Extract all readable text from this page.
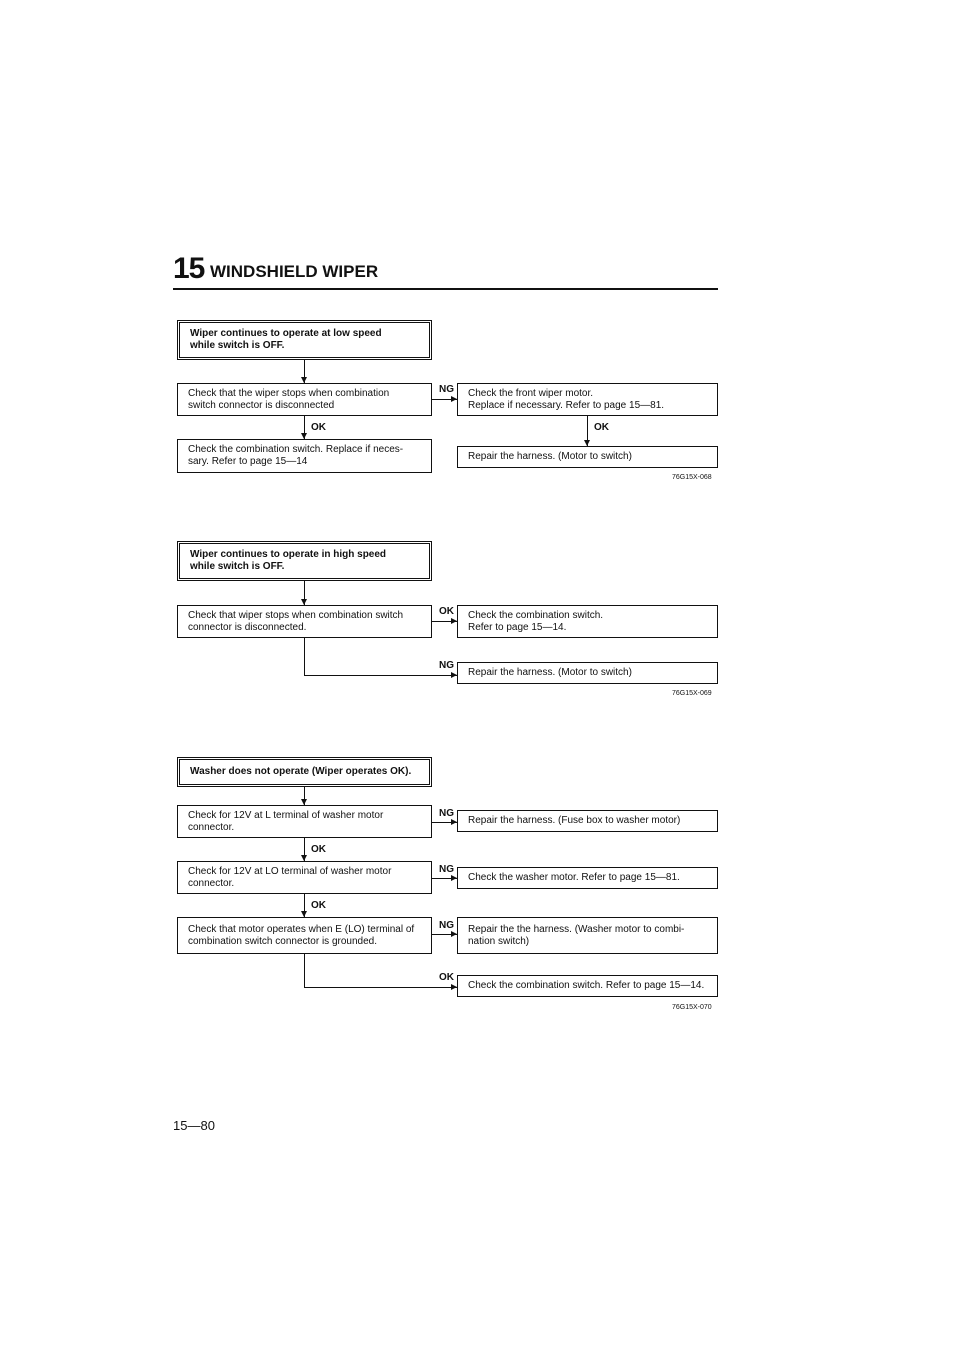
15 WINDSHIELD WIPER
Wiper continues to operate at low speed
while switch is OFF.
Check that the wiper stops when combination
switch connector is disconnected
NG Check the front wiper motor.
Replace if necessary. Refer to page 15—81.
OK
Check the combination switch. Replace if neces-
sary. Refer to page 15—14
OK
Repair the harness. (Motor to switch)
76G15X-068
Wiper continues to operate in high speed
while switch is OFF.
Check that wiper stops when combination switch
connector is disconnected.
OK Check the combination switch.
Refer to page 15—14.
NG
Repair the harness. (Motor to switch)
76G15X-069
Washer does not operate (Wiper operates OK).
Check for 12V at L terminal of washer motor
connector.
NG
Repair the harness. (Fuse box to washer motor)
OK
Check for 12V at LO terminal of washer motor
connector.
NG
Check the washer motor. Refer to page 15—81.
OK
Check that motor operates when E (LO) terminal of
combination switch connector is grounded.
NG Repair the the harness. (Washer motor to combi-
nation switch)
OK
Check the combination switch. Refer to page 15—14.
76G15X-070
15—80
